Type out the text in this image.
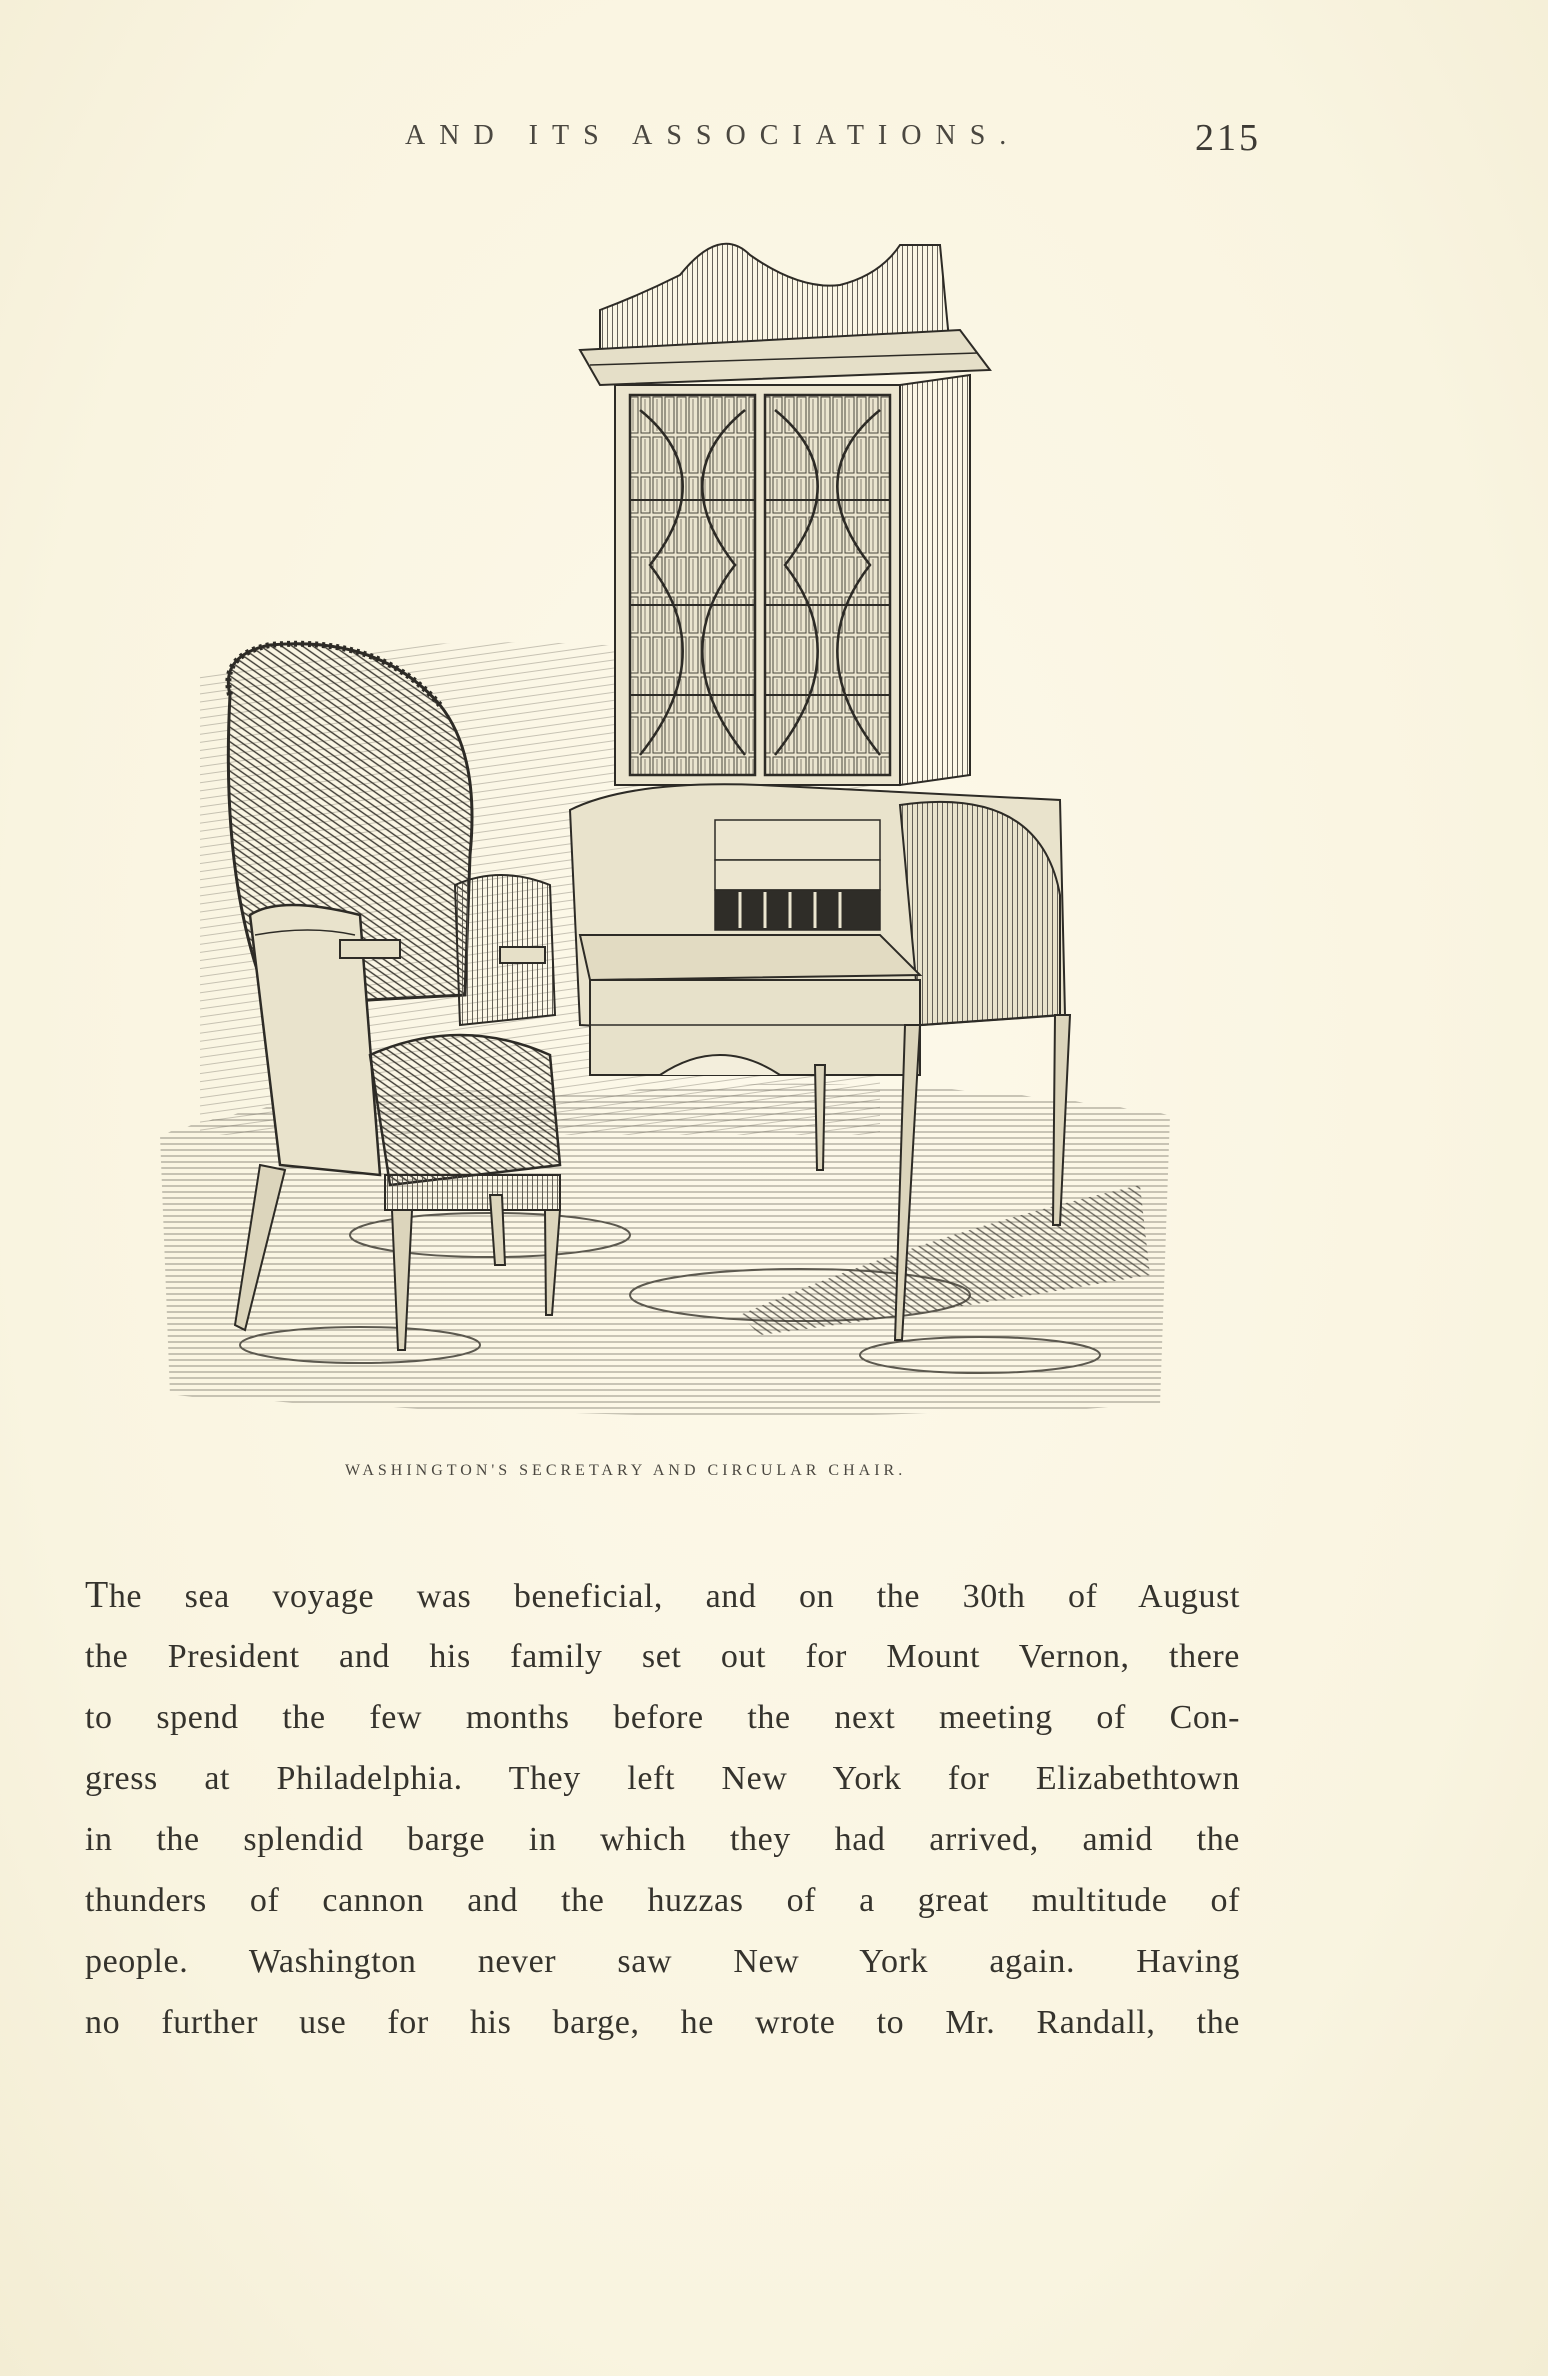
AND ITS ASSOCIATIONS.	215
WASHINGTON'S SECRETARY AND CIRCULAR CHAIR.
The sea voyage was beneficial, and on the 30th of August
the President and his family set out for Mount Vernon, there
to spend the few months before the next meeting of Con-
gress at Philadelphia. They left New York for Elizabethtown
in the splendid barge in which they had arrived, amid the
thunders of cannon and the huzzas of a great multitude of
people. Washington never saw New York again. Having
no further use for his barge, he wrote to Mr. Randall, the
